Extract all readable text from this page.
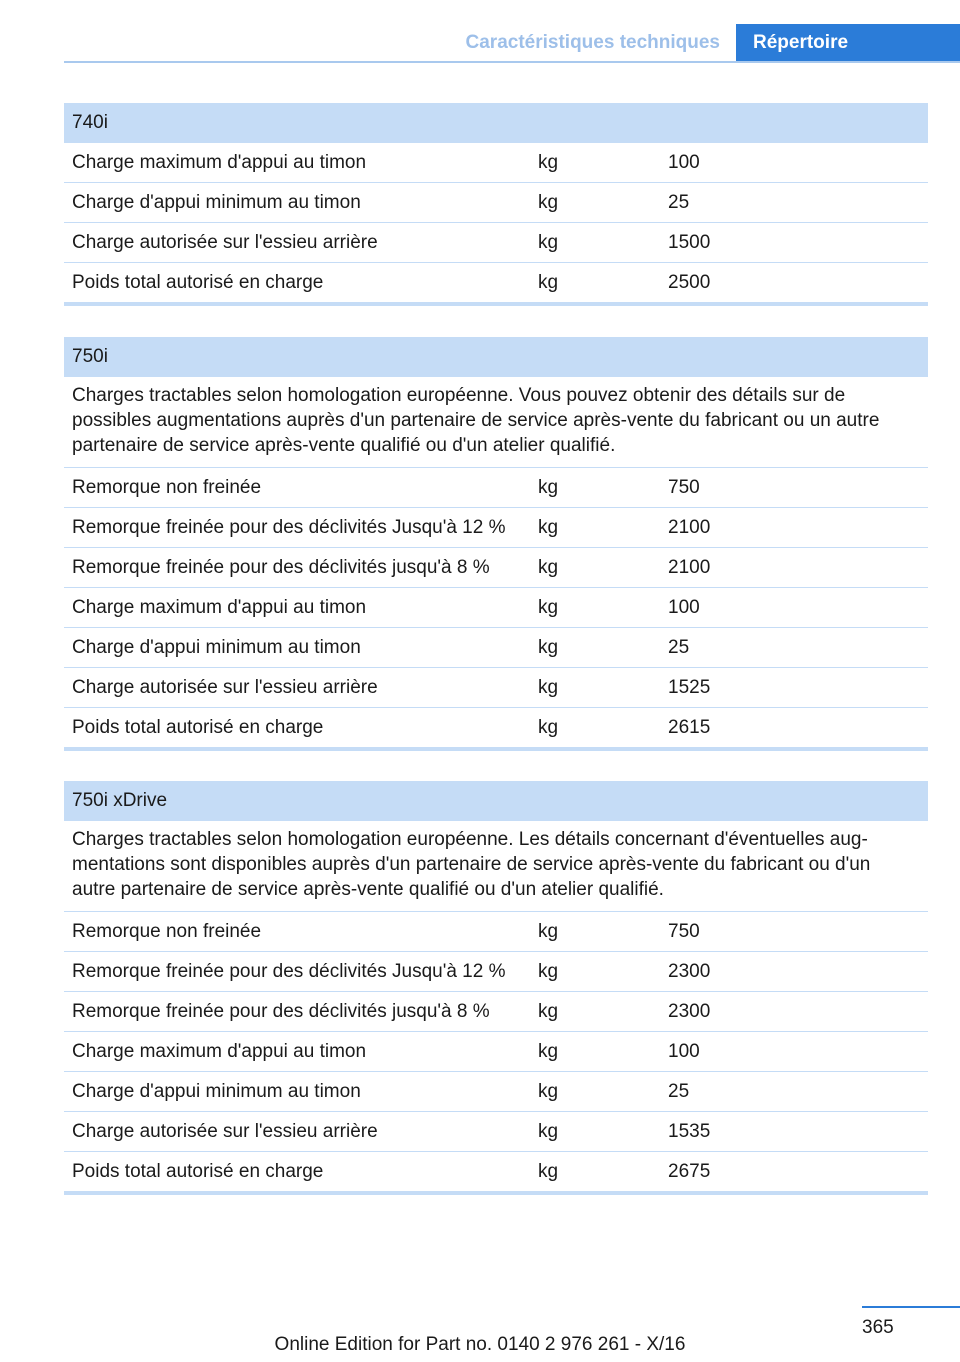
Caractéristiques techniques	Répertoire
740i
Charge maximum d'appui au timon	kg	100
Charge d'appui minimum au timon	kg	25
Charge autorisée sur l'essieu arrière	kg	1500
Poids total autorisé en charge	kg	2500
750i
Charges tractables selon homologation européenne. Vous pouvez obtenir des détails sur de possibles augmentations auprès d'un partenaire de service après-vente du fabricant ou un autre partenaire de service après-vente qualifié ou d'un atelier qualifié.
Remorque non freinée	kg	750
Remorque freinée pour des déclivités Jusqu'à 12 %	kg	2100
Remorque freinée pour des déclivités jusqu'à 8 %	kg	2100
Charge maximum d'appui au timon	kg	100
Charge d'appui minimum au timon	kg	25
Charge autorisée sur l'essieu arrière	kg	1525
Poids total autorisé en charge	kg	2615
750i xDrive
Charges tractables selon homologation européenne. Les détails concernant d'éventuelles aug‐mentations sont disponibles auprès d'un partenaire de service après-vente du fabricant ou d'un autre partenaire de service après-vente qualifié ou d'un atelier qualifié.
Remorque non freinée	kg	750
Remorque freinée pour des déclivités Jusqu'à 12 %	kg	2300
Remorque freinée pour des déclivités jusqu'à 8 %	kg	2300
Charge maximum d'appui au timon	kg	100
Charge d'appui minimum au timon	kg	25
Charge autorisée sur l'essieu arrière	kg	1535
Poids total autorisé en charge	kg	2675
365
Online Edition for Part no. 0140 2 976 261 - X/16
